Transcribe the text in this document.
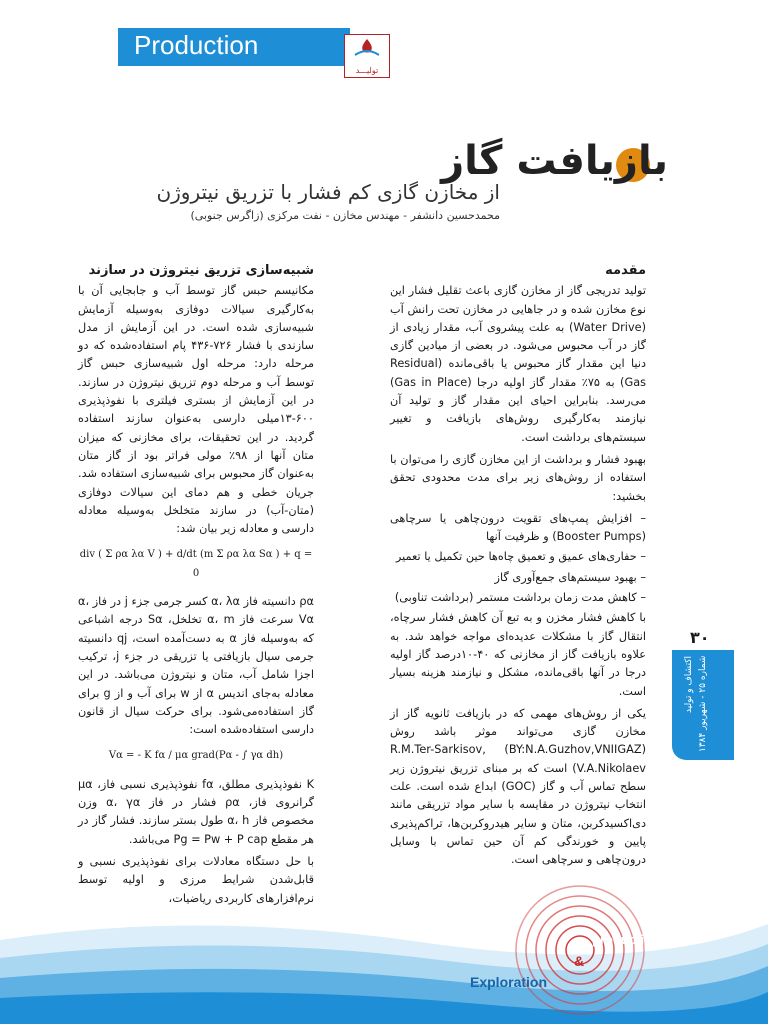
Production
تولیـــد
بازیافت گاز
از مخازن گازی کم فشار با تزریق نیتروژن
محمدحسین دانشفر - مهندس مخازن - نفت مرکزی (زاگرس جنوبی)
مقدمه

تولید تدریجی گاز از مخازن گازی باعث تقلیل فشار این نوع مخازن شده و در جاهایی در مخازن تحت رانش آب (Water Drive) به علت پیشروی آب، مقدار زیادی از گاز در آب محبوس می‌شود. در بعضی از میادین گازی دنیا این مقدار گاز محبوس یا باقی‌مانده (Residual Gas) به ۷۵٪ مقدار گاز اولیه درجا (Gas in Place) می‌رسد. بنابراین احیای این مقدار گاز و تولید آن نیازمند به‌کارگیری روش‌های بازیافت و تغییر سیستم‌های برداشت است.

بهبود فشار و برداشت از این مخازن گازی را می‌توان با استفاده از روش‌های زیر برای مدت محدودی تحقق بخشید:

– افزایش پمپ‌های تقویت درون‌چاهی یا سرچاهی (Booster Pumps) و ظرفیت آنها
– حفاری‌های عمیق و تعمیق چاه‌ها حین تکمیل یا تعمیر
– بهبود سیستم‌های جمع‌آوری گاز
– کاهش مدت زمان برداشت مستمر (برداشت تناوبی)

با کاهش فشار مخزن و به تبع آن کاهش فشار سرچاه، انتقال گاز با مشکلات عدیده‌ای مواجه خواهد شد. به علاوه بازیافت گاز از مخازنی که ۴۰-۱۰درصد گاز اولیه درجا در آنها باقی‌مانده، مشکل و نیازمند هزینه بسیار است.

یکی از روش‌های مهمی که در بازیافت ثانویه گاز از مخازن گازی می‌تواند موثر باشد روش (BY:N.A.Guzhov,VNIIGAZ) R.M.Ter-Sarkisov, V.A.Nikolaev) است که بر مبنای تزریق نیتروژن زیر سطح تماس آب و گاز (GOC) ابداع شده است. علت انتخاب نیتروژن در مقایسه با سایر مواد تزریقی مانند دی‌اکسید‌کربن، متان و سایر هیدروکربن‌ها، تراکم‌پذیری پایین و خورندگی کم آن حین تماس با وسایل درون‌چاهی و سرچاهی است.

شبیه‌سازی تزریق نیتروژن در سازند

مکانیسم حبس گاز توسط آب و جابجایی آن با به‌کارگیری سیالات دوفازی به‌وسیله آزمایش شبیه‌سازی شده است. در این آزمایش از مدل سازندی با فشار ۷۲۶-۴۳۶ پام استفاده‌شده که دو مرحله دارد: مرحله اول شبیه‌سازی حبس گاز توسط آب و مرحله دوم تزریق نیتروژن در سازند. در این آزمایش از بستری فیلتری با نفوذپذیری ۶۰۰-۱۳میلی دارسی به‌عنوان سازند استفاده گردید. در این تحقیقات، برای مخازنی که میزان متان آنها از ۹۸٪ مولی فراتر بود از گاز متان به‌عنوان گاز محبوس برای شبیه‌سازی استفاده شد. جریان خطی و هم دمای این سیالات دوفازی (متان-آب) در سازند متخلخل به‌وسیله معادله دارسی و معادله زیر بیان شد:

div ( Σ ρα λα V ) + d/dt (m Σ ρα λα Sα ) + q = 0

ρα دانسیته فاز α، λα کسر جرمی جزء j در فاز α، Vα سرعت فاز α، m تخلخل، Sα درجه اشباعی که به‌وسیله فاز α به دست‌آمده است، qj دانسیته جرمی سیال بازیافتی یا تزریقی در جزء j، ترکیب اجزا شامل آب، متان و نیتروژن می‌باشد. در این معادله به‌جای اندیس α از w برای آب و از g برای گاز استفاده‌می‌شود. برای حرکت سیال از قانون دارسی استفاده‌شده است:

Vα = - K fα / μα grad(Pα - ∫ γα dh)

K نفوذپذیری مطلق، fα نفوذپذیری نسبی فاز، μα گرانروی فاز، ρα فشار در فاز α، γα وزن مخصوص فاز α، h طول بستر سازند. فشار گاز در هر مقطع Pg = Pw + P cap می‌باشد.

با حل دستگاه معادلات برای نفوذپذیری نسبی و قابل‌شدن شرایط مرزی و اولیه توسط نرم‌افزارهای کاربردی ریاضیات،

۳۰
اکتشاف و تولید
شماره ۲۵ - شهریور ۱۳۸۴
production
&
Exploration
